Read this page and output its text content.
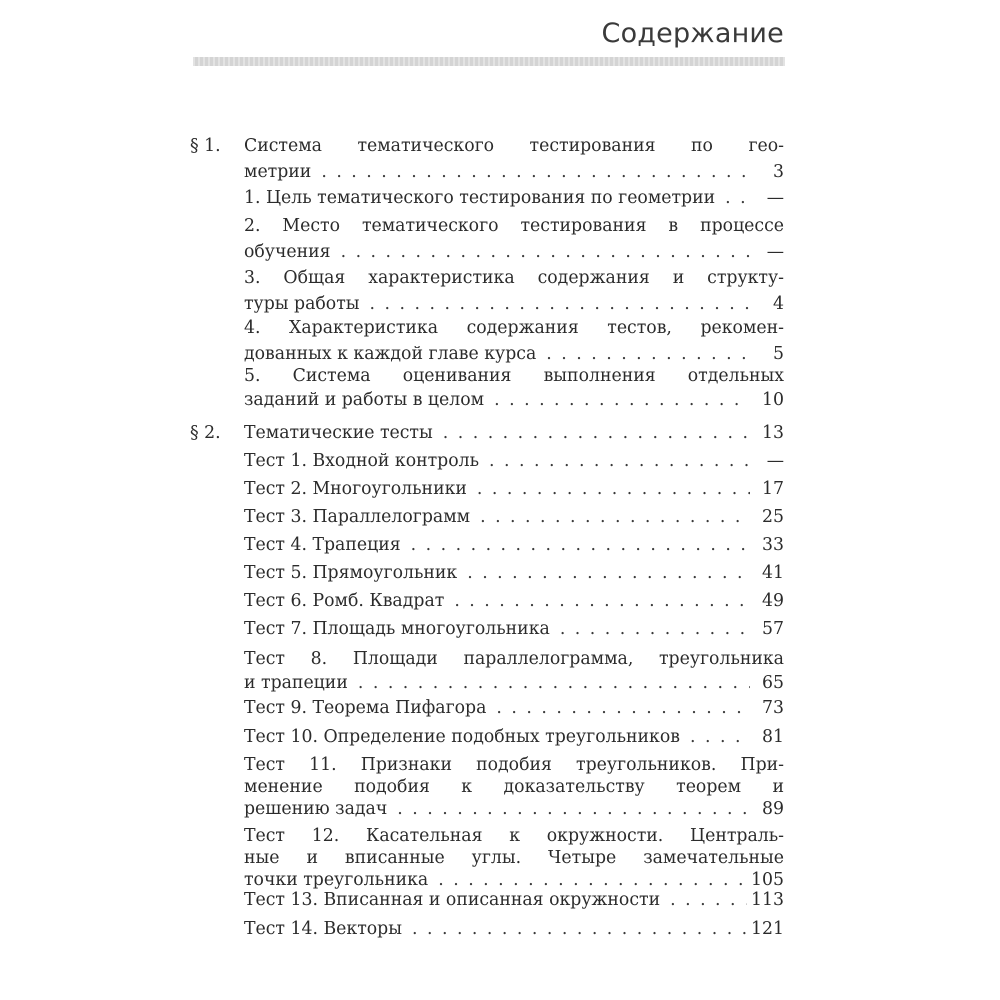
Содержание
§ 1.	Система тематического тестирования по гео-
метрии . . .	3
1. Цель тематического тестирования по геометрии . . .	—
2. Место тематического тестирования в процессе
обучения . . .	—
3. Общая характеристика содержания и структу-
туры работы . . .	4
4. Характеристика содержания тестов, рекомен-
дованных к каждой главе курса . . .	5
5. Система оценивания выполнения отдельных
заданий и работы в целом . . .	10
§ 2.	Тематические тесты . . .	13
Тест 1. Входной контроль . . .	—
Тест 2. Многоугольники . . .	17
Тест 3. Параллелограмм . . .	25
Тест 4. Трапеция . . .	33
Тест 5. Прямоугольник . . .	41
Тест 6. Ромб. Квадрат . . .	49
Тест 7. Площадь многоугольника . . .	57
Тест 8. Площади параллелограмма, треугольника
и трапеции . . .	65
Тест 9. Теорема Пифагора . . .	73
Тест 10. Определение подобных треугольников . . .	81
Тест 11. Признаки подобия треугольников. При-
менение подобия к доказательству теорем и
решению задач . . .	89
Тест 12. Касательная к окружности. Централь-
ные и вписанные углы. Четыре замечательные
точки треугольника . . .	105
Тест 13. Вписанная и описанная окружности . . .	113
Тест 14. Векторы . . .	121
